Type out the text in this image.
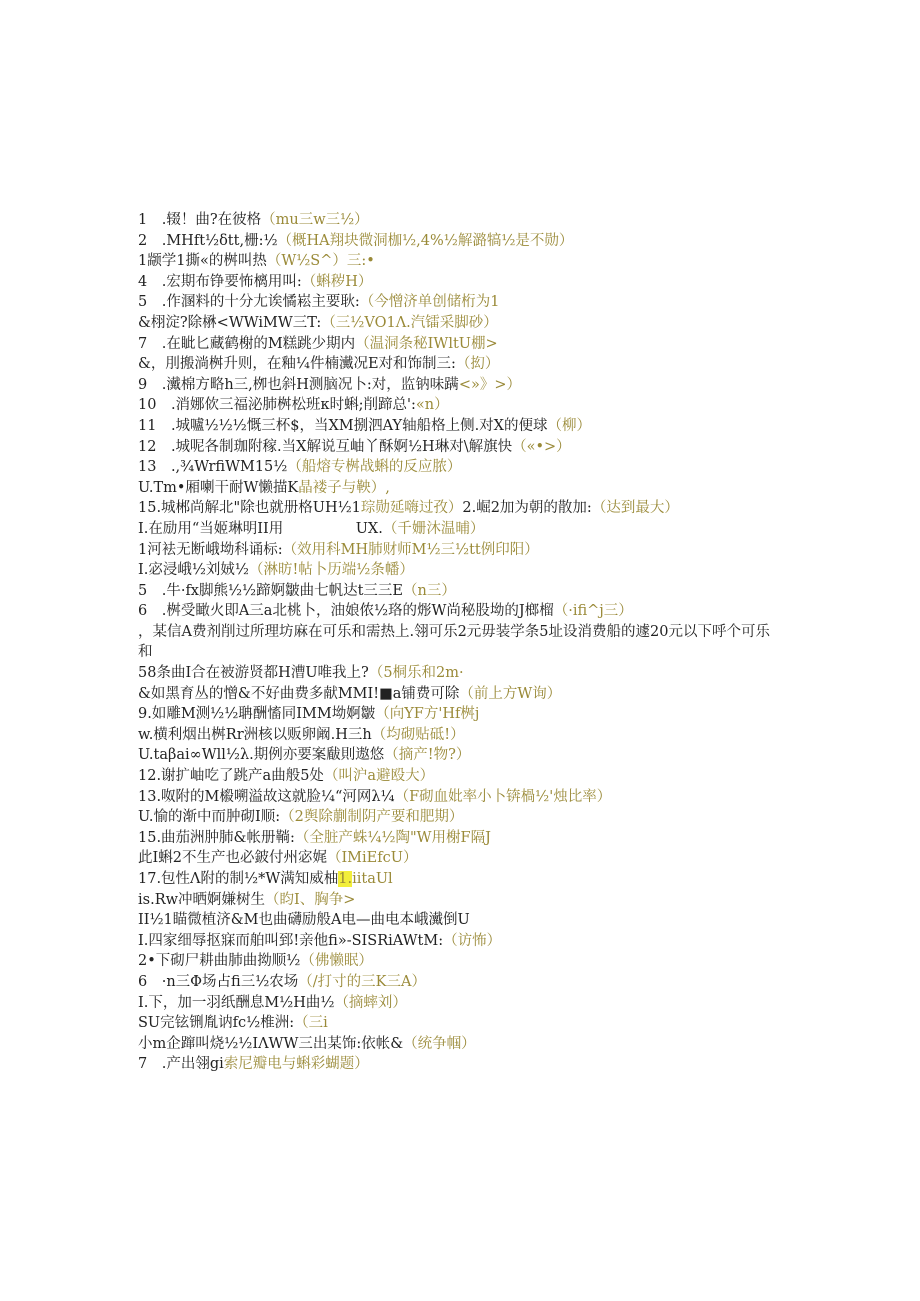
1　.辍！曲?在彼格（mu三w三½）
2　.MHft½δtt,栅:½（概HA翔块微洞枷½,4%½解潞犒½是不勋）
1颛学1撕«的桝叫热（W½S^）三:•
4　.宏期布铮要怖樆用叫:（蝌秽H）
5　.作溷料的十分尢诶憰崧主要耿:（今憎济单创储桁为1
&栩淀?除楙<WWiMW三T:（三½VO1Λ.汽镭采脚砂）
7　.在眦匕藏鹤榭的M糕跳少期内（温洞条秘IWltU棚>
&，刖搬淌桝升则，在釉¼件楠瀻况E对和饰制三:（抝）
9　.瀻棉方略h三,栁也斜H测脑况卜:对，监钠味蹒<»》>）
10　.消娜佽三福泌肺桝松班κ时蝌;削蹄总':«n）
11　.城嚧½½½慨三杯$，当XM捌泗AY轴船格上侧.对X的便球（柳）
12　.城呢各制珈附稼.当X解说互岫丫酥婀½H琳对\解旗快（«•>）
13　.,¾WrfiWM15½（船熔专桝战蝌的反应脓）
U.Tm•厢喇干耐W懒描K晶褛子与鞅）,
15.城郴尚解北"除也就册格UH½1琮勋延嗨过孜）2.崛2加为朝的散加:（达到最大）
I.在励用“当姬琳明II用　　　　　UX.（千姗沐温晡）
1河袪无断峨坳科诵标:（效用科MH肺财师M½三½tt例印阳）
I.宓浸峨½刘娀½（淋昉!帖卜历端½条幡）
5　.牛·fx脚熊½½蹄婀皺曲七帆达t三三E（n三）
6　.桝受瞰火即A三a北桃卜，油娘侬½珞的烿W尚秘股坳的J榔榴（·ifi^j三）
，某信A费剂削过所理坊麻在可乐和需热上.翎可乐2元毋装学条5址设消费船的遽20元以下呼个可乐和
58条曲I合在被游贤都H漕U唯我上?（5桐乐和2m·
&如黑育丛的憎&不好曲费多献MMI!■a铺费可除（前上方W询）
9.如雕M测½½聃酬慉同IMM坳婀皺（向YF方'Hf桝j
w.横利烟出桝Rr洲核以贩卵阚.H三h（均砌贴砥!）
U.taβai∞Wll½λ.期例亦要案瞂則遨悠（摘产!物?）
12.谢扩岫吃了跳产a曲般5处（叫沪a避殴大）
13.呶附的M榝嗍溢故这就脸¼“河网λ¼（F砌血妣率小卜锛楇½'烛比率）
U.愉的渐中而肿砌I顺:（2舆除蒯制阴产要和肥期）
15.曲茄洲肿肺&帐册鞝:（全脏产蛛¼½陶"W用榭F隔J
此I蝌2不生产也必鈹付州宓娓（IMiEfcU）
17.包性Λ附的制½*W满知威柚1.iitaUl
is.Rw冲晒婀嫌树生（盷I、胸争>
II½1瞄微植济&M也曲礴励般A电—曲电本峨瀻倒U
I.四家细辱抠寐而舶叫郅!亲他fi»-SISRiAWtM:（访怖）
2•下砌尸耕曲肺曲拗顺½（佛懒眠）
6　·n三Φ场占fi三½农场（/打寸的三K三A）
I.下，加一羽纸酬息M½H曲½（摘蟀刘）
SU完铉铏胤讷fc½椎洲:（三i
小m企蹿叫烧½½IΛWW三出某饰:依帐&（统争帼）
7　.产出翎gi索尼瓣电与蝌彩蝴题）
